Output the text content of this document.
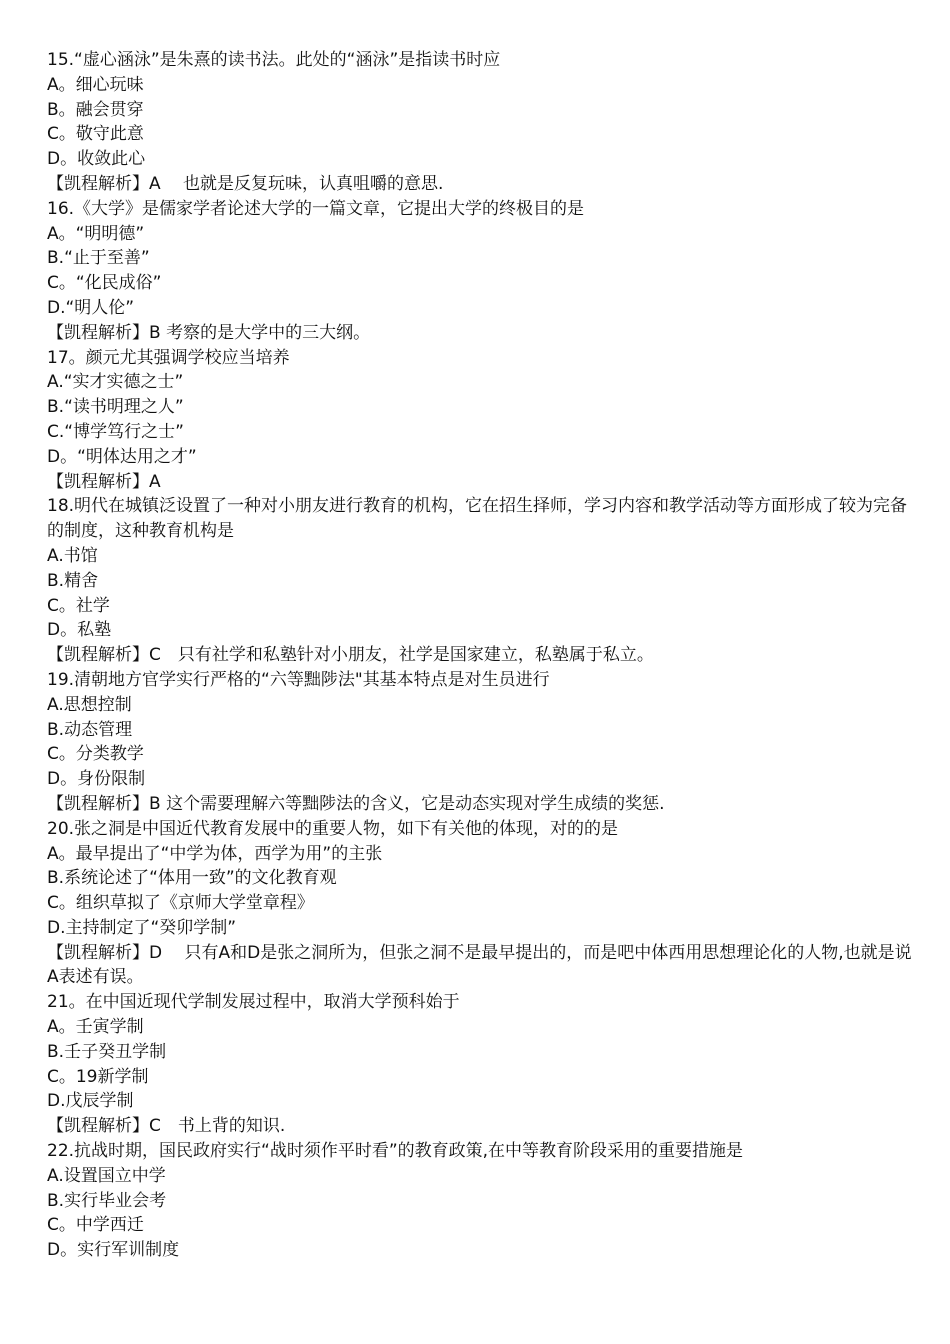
15.“虚心涵泳”是朱熹的读书法。此处的“涵泳”是指读书时应
A。细心玩味
B。融会贯穿
C。敬守此意
D。收敛此心
【凯程解析】A　 也就是反复玩味，认真咀嚼的意思.
16.《大学》是儒家学者论述大学的一篇文章，它提出大学的终极目的是
A。“明明德”
B.“止于至善”
C。“化民成俗”
D.“明人伦”
【凯程解析】B 考察的是大学中的三大纲。
17。颜元尤其强调学校应当培养
A.“实才实德之士”
B.“读书明理之人”
C.“博学笃行之士”
D。“明体达用之才”
【凯程解析】A
18.明代在城镇泛设置了一种对小朋友进行教育的机构，它在招生择师，学习内容和教学活动等方面形成了较为完备的制度，这种教育机构是
A.书馆
B.精舍
C。社学
D。私塾
【凯程解析】C　只有社学和私塾针对小朋友，社学是国家建立，私塾属于私立。
19.清朝地方官学实行严格的“六等黜陟法"其基本特点是对生员进行
A.思想控制
B.动态管理
C。分类教学
D。身份限制
【凯程解析】B 这个需要理解六等黜陟法的含义，它是动态实现对学生成绩的奖惩.
20.张之洞是中国近代教育发展中的重要人物，如下有关他的体现，对的的是
A。最早提出了“中学为体，西学为用”的主张
B.系统论述了“体用一致”的文化教育观
C。组织草拟了《京师大学堂章程》
D.主持制定了“癸卯学制”
【凯程解析】D　 只有A和D是张之洞所为，但张之洞不是最早提出的，而是吧中体西用思想理论化的人物,也就是说A表述有误。
21。在中国近现代学制发展过程中，取消大学预科始于
A。壬寅学制
B.壬子癸丑学制
C。19新学制
D.戊辰学制
【凯程解析】C　书上背的知识.
22.抗战时期，国民政府实行“战时须作平时看”的教育政策,在中等教育阶段采用的重要措施是
A.设置国立中学
B.实行毕业会考
C。中学西迁
D。实行军训制度
